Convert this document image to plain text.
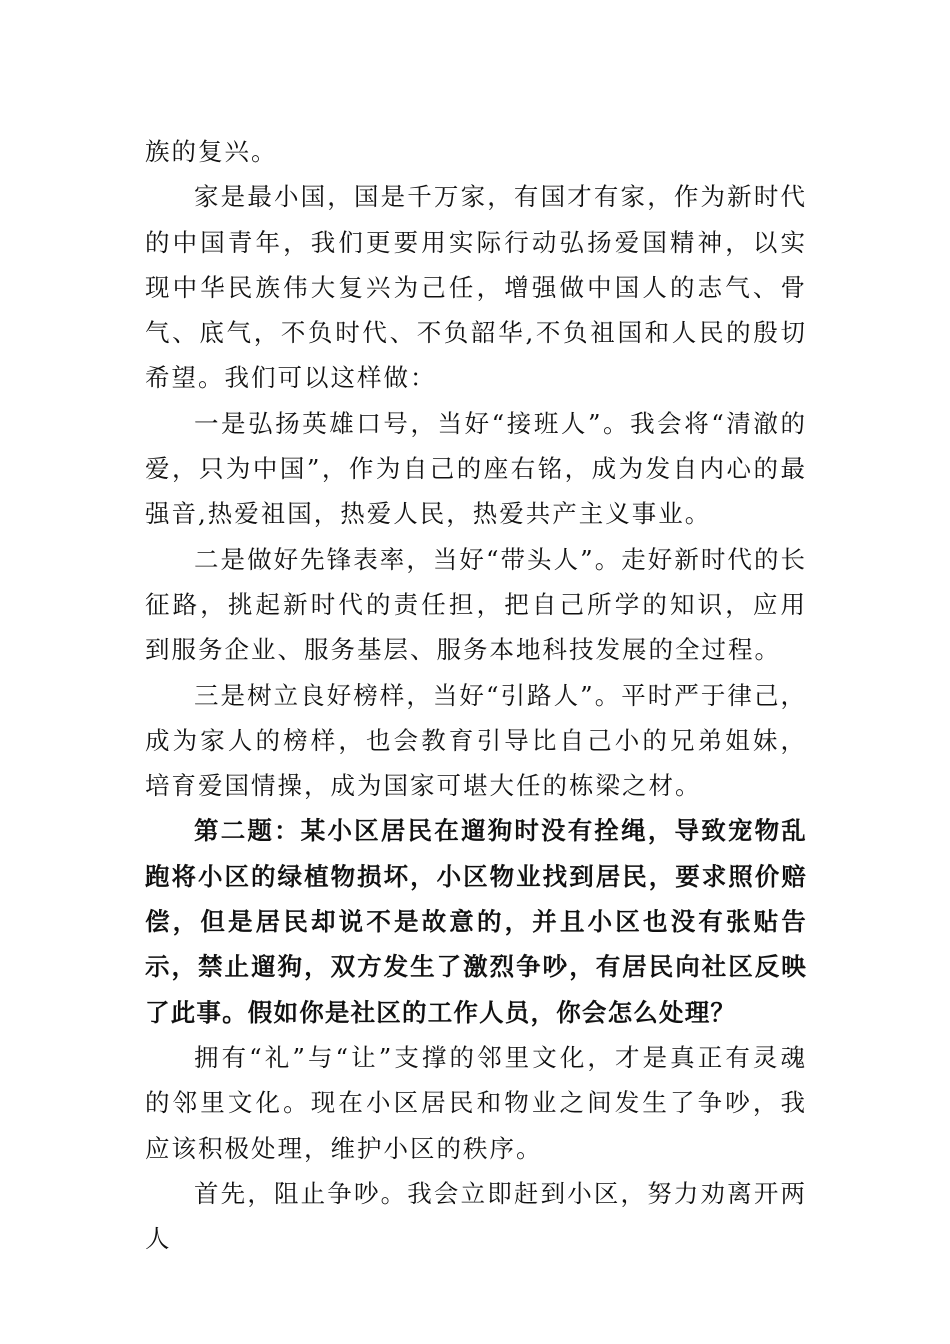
族的复兴。

家是最小国，国是千万家，有国才有家，作为新时代的中国青年，我们更要用实际行动弘扬爱国精神，以实现中华民族伟大复兴为己任，增强做中国人的志气、骨气、底气，不负时代、不负韶华,不负祖国和人民的殷切希望。我们可以这样做：

一是弘扬英雄口号，当好“接班人”。我会将“清澈的爱，只为中国”，作为自己的座右铭，成为发自内心的最强音,热爱祖国，热爱人民，热爱共产主义事业。

二是做好先锋表率，当好“带头人”。走好新时代的长征路，挑起新时代的责任担，把自己所学的知识，应用到服务企业、服务基层、服务本地科技发展的全过程。

三是树立良好榜样，当好“引路人”。平时严于律己，成为家人的榜样，也会教育引导比自己小的兄弟姐妹，培育爱国情操，成为国家可堪大任的栋梁之材。

第二题：某小区居民在遛狗时没有拴绳，导致宠物乱跑将小区的绿植物损坏，小区物业找到居民，要求照价赔偿，但是居民却说不是故意的，并且小区也没有张贴告示，禁止遛狗，双方发生了激烈争吵，有居民向社区反映了此事。假如你是社区的工作人员，你会怎么处理？

拥有“礼”与“让”支撑的邻里文化，才是真正有灵魂的邻里文化。现在小区居民和物业之间发生了争吵，我应该积极处理，维护小区的秩序。

首先，阻止争吵。我会立即赶到小区，努力劝离开两人
